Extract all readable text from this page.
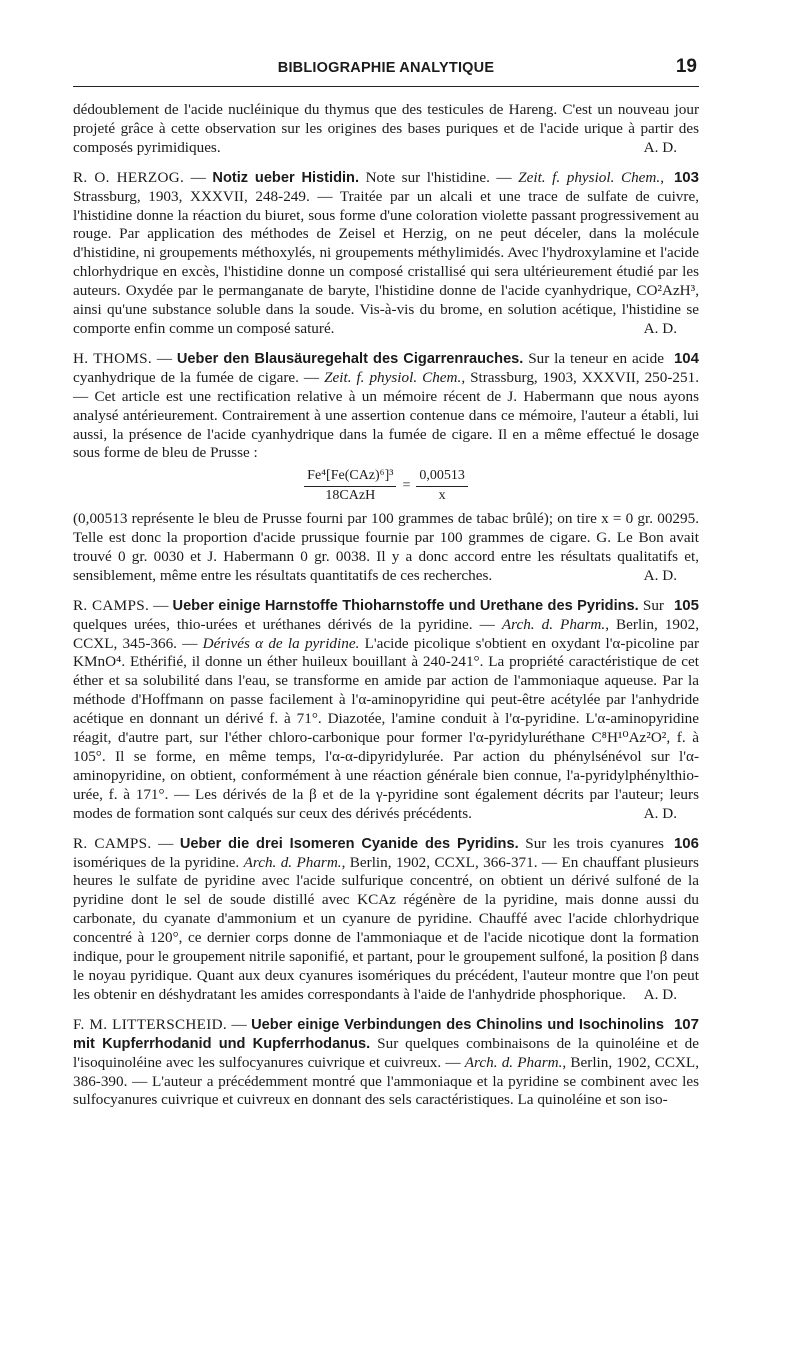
BIBLIOGRAPHIE ANALYTIQUE	19

dédoublement de l'acide nucléinique du thymus que des testicules de Hareng. C'est un nouveau jour projeté grâce à cette observation sur les origines des bases puriques et de l'acide urique à partir des composés pyrimidiques.	A. D.

103
R. O. HERZOG. — Notiz ueber Histidin. Note sur l'histidine. — Zeit. f. physiol. Chem., Strassburg, 1903, XXXVII, 248-249. — Traitée par un alcali et une trace de sulfate de cuivre, l'histidine donne la réaction du biuret, sous forme d'une coloration violette passant progressivement au rouge. Par application des méthodes de Zeisel et Herzig, on ne peut déceler, dans la molécule d'histidine, ni groupements méthoxylés, ni groupements méthylimidés. Avec l'hydroxylamine et l'acide chlorhydrique en excès, l'histidine donne un composé cristallisé qui sera ultérieurement étudié par les auteurs. Oxydée par le permanganate de baryte, l'histidine donne de l'acide cyanhydrique, CO²AzH³, ainsi qu'une substance soluble dans la soude. Vis-à-vis du brome, en solution acétique, l'histidine se comporte enfin comme un composé saturé.	A. D.

104
H. THOMS. — Ueber den Blausäuregehalt des Cigarrenrauches. Sur la teneur en acide cyanhydrique de la fumée de cigare. — Zeit. f. physiol. Chem., Strassburg, 1903, XXXVII, 250-251. — Cet article est une rectification relative à un mémoire récent de J. Habermann que nous ayons analysé antérieurement. Contrairement à une assertion contenue dans ce mémoire, l'auteur a établi, lui aussi, la présence de l'acide cyanhydrique dans la fumée de cigare. Il en a même effectué le dosage sous forme de bleu de Prusse :
$\frac{\text{Fe⁴[Fe(CAz)⁶]³}}{\text{18CAzH}} = \frac{0,00513}{x}$
(0,00513 représente le bleu de Prusse fourni par 100 grammes de tabac brûlé); on tire x = 0 gr. 00295. Telle est donc la proportion d'acide prussique fournie par 100 grammes de cigare. G. Le Bon avait trouvé 0 gr. 0030 et J. Habermann 0 gr. 0038. Il y a donc accord entre les résultats qualitatifs et, sensiblement, même entre les résultats quantitatifs de ces recherches.	A. D.

105
R. CAMPS. — Ueber einige Harnstoffe Thioharnstoffe und Urethane des Pyridins. Sur quelques urées, thio-urées et uréthanes dérivés de la pyridine. — Arch. d. Pharm., Berlin, 1902, CCXL, 345-366. — Dérivés α de la pyridine. L'acide picolique s'obtient en oxydant l'α-picoline par KMnO⁴. Ethérifié, il donne un éther huileux bouillant à 240-241°. La propriété caractéristique de cet éther et sa solubilité dans l'eau, se transforme en amide par action de l'ammoniaque aqueuse. Par la méthode d'Hoffmann on passe facilement à l'α-aminopyridine qui peut-être acétylée par l'anhydride acétique en donnant un dérivé f. à 71°. Diazotée, l'amine conduit à l'α-pyridine. L'α-aminopyridine réagit, d'autre part, sur l'éther chloro-carbonique pour former l'α-pyridyluréthane C⁸H¹⁰Az²O², f. à 105°. Il se forme, en même temps, l'α-α-dipyridylurée. Par action du phénylsénévol sur l'α-aminopyridine, on obtient, conformément à une réaction générale bien connue, l'a-pyridylphénylthio-urée, f. à 171°. — Les dérivés de la β et de la γ-pyridine sont également décrits par l'auteur; leurs modes de formation sont calqués sur ceux des dérivés précédents.	A. D.

106
R. CAMPS. — Ueber die drei Isomeren Cyanide des Pyridins. Sur les trois cyanures isomériques de la pyridine. Arch. d. Pharm., Berlin, 1902, CCXL, 366-371. — En chauffant plusieurs heures le sulfate de pyridine avec l'acide sulfurique concentré, on obtient un dérivé sulfoné de la pyridine dont le sel de soude distillé avec KCAz régénère de la pyridine, mais donne aussi du carbonate, du cyanate d'ammonium et un cyanure de pyridine. Chauffé avec l'acide chlorhydrique concentré à 120°, ce dernier corps donne de l'ammoniaque et de l'acide nicotique dont la formation indique, pour le groupement nitrile saponifié, et partant, pour le groupement sulfoné, la position β dans le noyau pyridique. Quant aux deux cyanures isomériques du précédent, l'auteur montre que l'on peut les obtenir en déshydratant les amides correspondants à l'aide de l'anhydride phosphorique. A. D.

107
F. M. LITTERSCHEID. — Ueber einige Verbindungen des Chinolins und Isochinolins mit Kupferrhodanid und Kupferrhodanus. Sur quelques combinaisons de la quinoléine et de l'isoquinoléine avec les sulfocyanures cuivrique et cuivreux. — Arch. d. Pharm., Berlin, 1902, CCXL, 386-390. — L'auteur a précédemment montré que l'ammoniaque et la pyridine se combinent avec les sulfocyanures cuivrique et cuivreux en donnant des sels caractéristiques. La quinoléine et son iso-
